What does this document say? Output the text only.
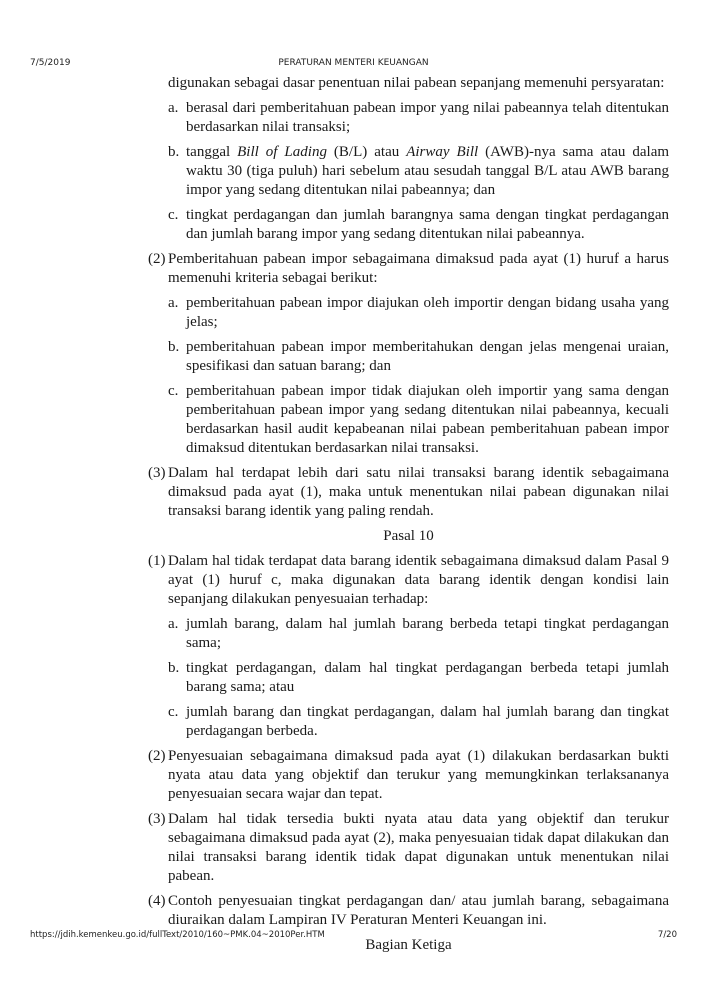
7/5/2019	PERATURAN MENTERI KEUANGAN

digunakan sebagai dasar penentuan nilai pabean sepanjang memenuhi persyaratan:

a. berasal dari pemberitahuan pabean impor yang nilai pabeannya telah ditentukan berdasarkan nilai transaksi;
b. tanggal Bill of Lading (B/L) atau Airway Bill (AWB)-nya sama atau dalam waktu 30 (tiga puluh) hari sebelum atau sesudah tanggal B/L atau AWB barang impor yang sedang ditentukan nilai pabeannya; dan
c. tingkat perdagangan dan jumlah barangnya sama dengan tingkat perdagangan dan jumlah barang impor yang sedang ditentukan nilai pabeannya.
(2) Pemberitahuan pabean impor sebagaimana dimaksud pada ayat (1) huruf a harus memenuhi kriteria sebagai berikut:
a. pemberitahuan pabean impor diajukan oleh importir dengan bidang usaha yang jelas;
b. pemberitahuan pabean impor memberitahukan dengan jelas mengenai uraian, spesifikasi dan satuan barang; dan
c. pemberitahuan pabean impor tidak diajukan oleh importir yang sama dengan pemberitahuan pabean impor yang sedang ditentukan nilai pabeannya, kecuali berdasarkan hasil audit kepabeanan nilai pabean pemberitahuan pabean impor dimaksud ditentukan berdasarkan nilai transaksi.
(3) Dalam hal terdapat lebih dari satu nilai transaksi barang identik sebagaimana dimaksud pada ayat (1), maka untuk menentukan nilai pabean digunakan nilai transaksi barang identik yang paling rendah.

Pasal 10

(1) Dalam hal tidak terdapat data barang identik sebagaimana dimaksud dalam Pasal 9 ayat (1) huruf c, maka digunakan data barang identik dengan kondisi lain sepanjang dilakukan penyesuaian terhadap:
a. jumlah barang, dalam hal jumlah barang berbeda tetapi tingkat perdagangan sama;
b. tingkat perdagangan, dalam hal tingkat perdagangan berbeda tetapi jumlah barang sama; atau
c. jumlah barang dan tingkat perdagangan, dalam hal jumlah barang dan tingkat perdagangan berbeda.
(2) Penyesuaian sebagaimana dimaksud pada ayat (1) dilakukan berdasarkan bukti nyata atau data yang objektif dan terukur yang memungkinkan terlaksananya penyesuaian secara wajar dan tepat.
(3) Dalam hal tidak tersedia bukti nyata atau data yang objektif dan terukur sebagaimana dimaksud pada ayat (2), maka penyesuaian tidak dapat dilakukan dan nilai transaksi barang identik tidak dapat digunakan untuk menentukan nilai pabean.
(4) Contoh penyesuaian tingkat perdagangan dan/ atau jumlah barang, sebagaimana diuraikan dalam Lampiran IV Peraturan Menteri Keuangan ini.

Bagian Ketiga

https://jdih.kemenkeu.go.id/fullText/2010/160~PMK.04~2010Per.HTM	7/20
